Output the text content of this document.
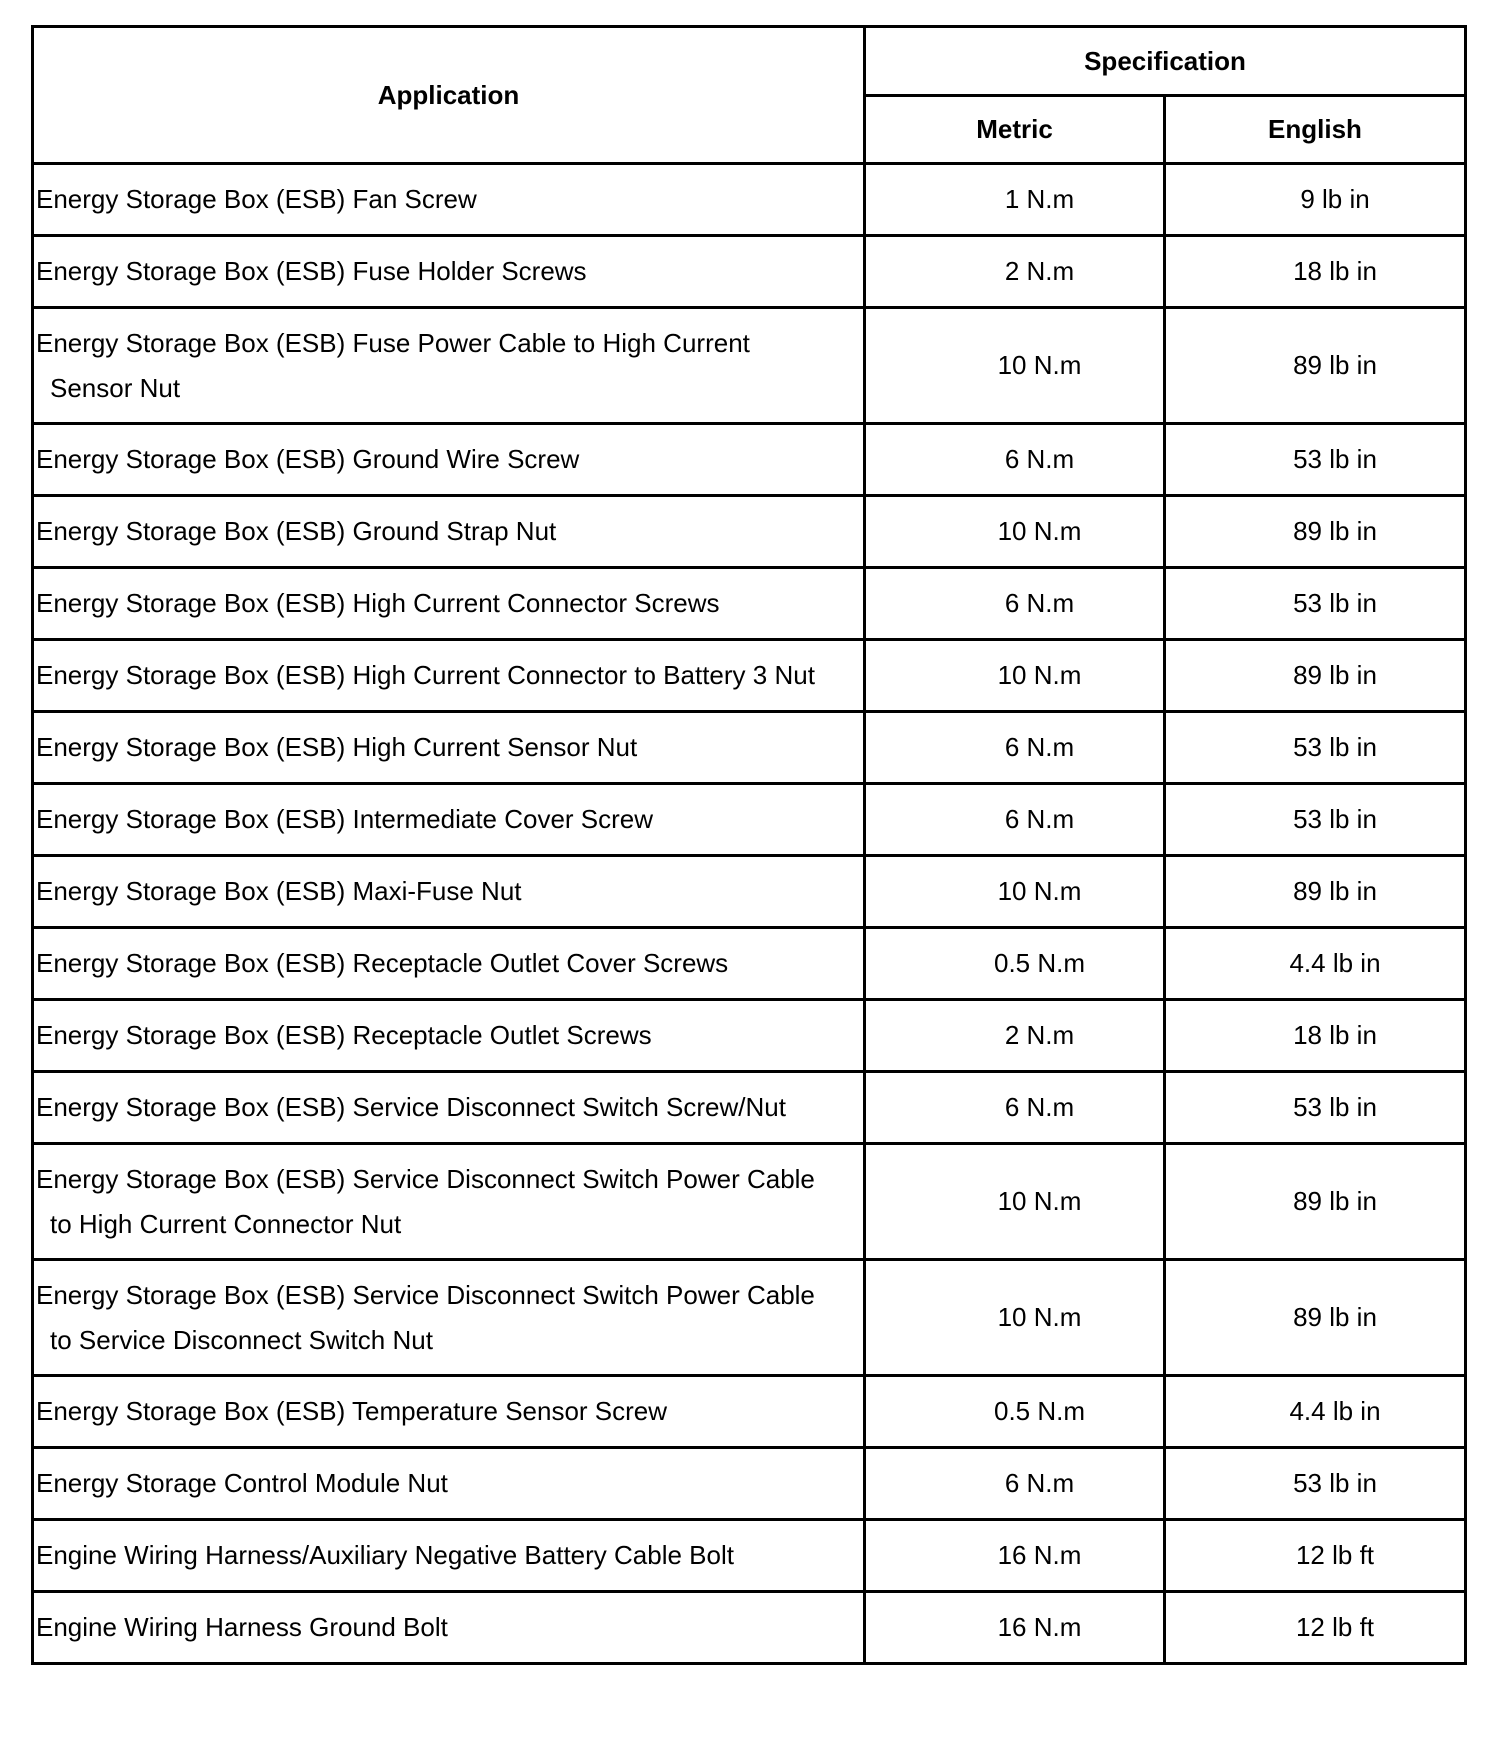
Application	Specification	
	Metric	English

Energy Storage Box (ESB) Fan Screw	1 N.m	9 lb in

Energy Storage Box (ESB) Fuse Holder Screws	2 N.m	18 lb in

Energy Storage Box (ESB) Fuse Power Cable to High Current
Sensor Nut	10 N.m	89 lb in

Energy Storage Box (ESB) Ground Wire Screw	6 N.m	53 lb in

Energy Storage Box (ESB) Ground Strap Nut	10 N.m	89 lb in

Energy Storage Box (ESB) High Current Connector Screws	6 N.m	53 lb in

Energy Storage Box (ESB) High Current Connector to Battery 3 Nut	10 N.m	89 lb in

Energy Storage Box (ESB) High Current Sensor Nut	6 N.m	53 lb in

Energy Storage Box (ESB) Intermediate Cover Screw	6 N.m	53 lb in

Energy Storage Box (ESB) Maxi-Fuse Nut	10 N.m	89 lb in

Energy Storage Box (ESB) Receptacle Outlet Cover Screws	0.5 N.m	4.4 lb in

Energy Storage Box (ESB) Receptacle Outlet Screws	2 N.m	18 lb in

Energy Storage Box (ESB) Service Disconnect Switch Screw/Nut	6 N.m	53 lb in

Energy Storage Box (ESB) Service Disconnect Switch Power Cable
to High Current Connector Nut	10 N.m	89 lb in

Energy Storage Box (ESB) Service Disconnect Switch Power Cable
to Service Disconnect Switch Nut	10 N.m	89 lb in

Energy Storage Box (ESB) Temperature Sensor Screw	0.5 N.m	4.4 lb in

Energy Storage Control Module Nut	6 N.m	53 lb in

Engine Wiring Harness/Auxiliary Negative Battery Cable Bolt	16 N.m	12 lb ft

Engine Wiring Harness Ground Bolt	16 N.m	12 lb ft
